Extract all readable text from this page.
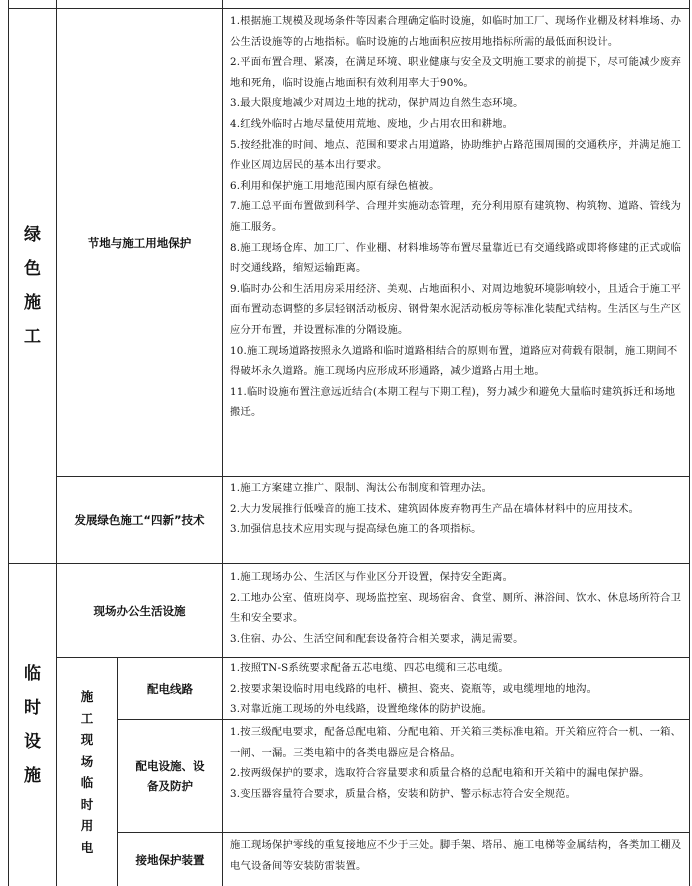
绿
色
施
工
节地与施工用地保护

1.根据施工规模及现场条件等因素合理确定临时设施，如临时加工厂、现场作业棚及材料堆场、办公生活设施等的占地指标。临时设施的占地面积应按用地指标所需的最低面积设计。

2.平面布置合理、紧凑，在满足环境、职业健康与安全及文明施工要求的前提下，尽可能减少废弃地和死角，临时设施占地面积有效利用率大于90%。

3.最大限度地减少对周边土地的扰动，保护周边自然生态环境。

4.红线外临时占地尽量使用荒地、废地，少占用农田和耕地。

5.按经批准的时间、地点、范围和要求占用道路，协助维护占路范围周围的交通秩序，并满足施工作业区周边居民的基本出行要求。

6.利用和保护施工用地范围内原有绿色植被。

7.施工总平面布置做到科学、合理并实施动态管理，充分利用原有建筑物、构筑物、道路、管线为施工服务。

8.施工现场仓库、加工厂、作业棚、材料堆场等布置尽量靠近已有交通线路或即将修建的正式或临时交通线路，缩短运输距离。

9.临时办公和生活用房采用经济、美观、占地面积小、对周边地貌环境影响较小，且适合于施工平面布置动态调整的多层轻钢活动板房、钢骨架水泥活动板房等标准化装配式结构。生活区与生产区应分开布置，并设置标准的分隔设施。

10.施工现场道路按照永久道路和临时道路相结合的原则布置，道路应对荷载有限制，施工期间不得破坏永久道路。施工现场内应形成环形通路，减少道路占用土地。

11.临时设施布置注意远近结合(本期工程与下期工程)，努力减少和避免大量临时建筑拆迁和场地搬迁。

发展绿色施工“四新”技术

1.施工方案建立推广、限制、淘汰公布制度和管理办法。

2.大力发展推行低噪音的施工技术、建筑固体废弃物再生产品在墙体材料中的应用技术。

3.加强信息技术应用实现与提高绿色施工的各项指标。

临
时
设
施
现场办公生活设施

1.施工现场办公、生活区与作业区分开设置，保持安全距离。

2.工地办公室、值班岗亭、现场监控室、现场宿舍、食堂、厕所、淋浴间、饮水、休息场所符合卫生和安全要求。

3.住宿、办公、生活空间和配套设备符合相关要求，满足需要。

施
工
现
场
临
时
用
电
配电线路

1.按照TN-S系统要求配备五芯电缆、四芯电缆和三芯电缆。

2.按要求架设临时用电线路的电杆、横担、瓷夹、瓷瓶等，或电缆埋地的地沟。

3.对靠近施工现场的外电线路，设置绝缘体的防护设施。

配电设施、设备及防护

1.按三级配电要求，配备总配电箱、分配电箱、开关箱三类标准电箱。开关箱应符合一机、一箱、一闸、一漏。三类电箱中的各类电器应是合格品。

2.按两级保护的要求，选取符合容量要求和质量合格的总配电箱和开关箱中的漏电保护器。

3.变压器容量符合要求，质量合格，安装和防护、警示标志符合安全规范。

接地保护装置

施工现场保护零线的重复接地应不少于三处。脚手架、塔吊、施工电梯等金属结构，各类加工棚及电气设备间等安装防雷装置。
